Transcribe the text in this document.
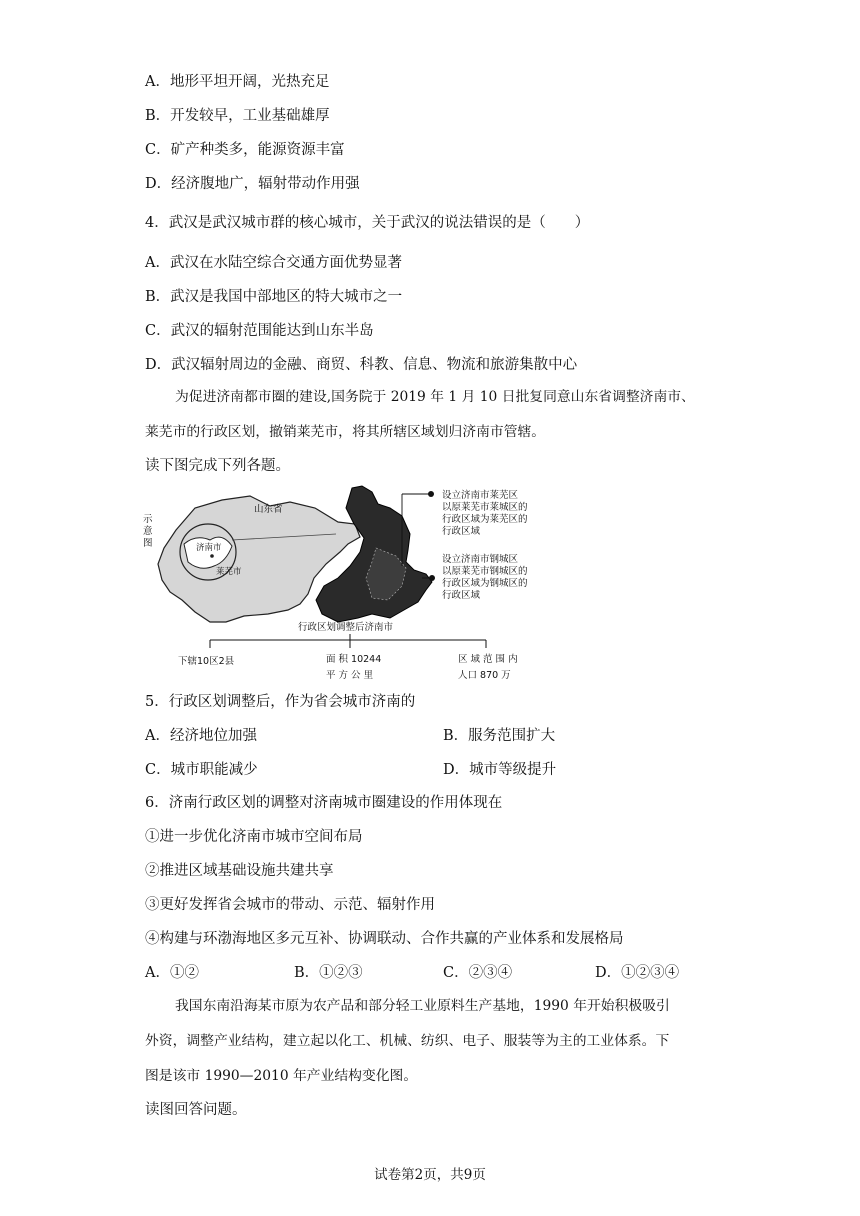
A．地形平坦开阔，光热充足
B．开发较早，工业基础雄厚
C．矿产种类多，能源资源丰富
D．经济腹地广，辐射带动作用强
4．武汉是武汉城市群的核心城市，关于武汉的说法错误的是（　　）
A．武汉在水陆空综合交通方面优势显著
B．武汉是我国中部地区的特大城市之一
C．武汉的辐射范围能达到山东半岛
D．武汉辐射周边的金融、商贸、科教、信息、物流和旅游集散中心
为促进济南都市圈的建设,国务院于 2019 年 1 月 10 日批复同意山东省调整济南市、
莱芜市的行政区划，撤销莱芜市，将其所辖区域划归济南市管辖。
读下图完成下列各题。
示
意
图
山东省
济南市
莱芜市
设立济南市莱芜区
以原莱芜市莱城区的
行政区域为莱芜区的
行政区域
设立济南市钢城区
以原莱芜市钢城区的
行政区域为钢城区的
行政区域
行政区划调整后济南市
下辖10区2县	面 积 10244
平 方 公 里
区 域 范 围 内
人口 870 万
5．行政区划调整后，作为省会城市济南的
A．经济地位加强	B．服务范围扩大
C．城市职能减少	D．城市等级提升
6．济南行政区划的调整对济南城市圈建设的作用体现在
①进一步优化济南市城市空间布局
②推进区域基础设施共建共享
③更好发挥省会城市的带动、示范、辐射作用
④构建与环渤海地区多元互补、协调联动、合作共赢的产业体系和发展格局
A．①②	B．①②③	C．②③④	D．①②③④
我国东南沿海某市原为农产品和部分轻工业原料生产基地，1990 年开始积极吸引
外资，调整产业结构，建立起以化工、机械、纺织、电子、服装等为主的工业体系。下
图是该市 1990—2010 年产业结构变化图。
读图回答问题。
试卷第2页，共9页
